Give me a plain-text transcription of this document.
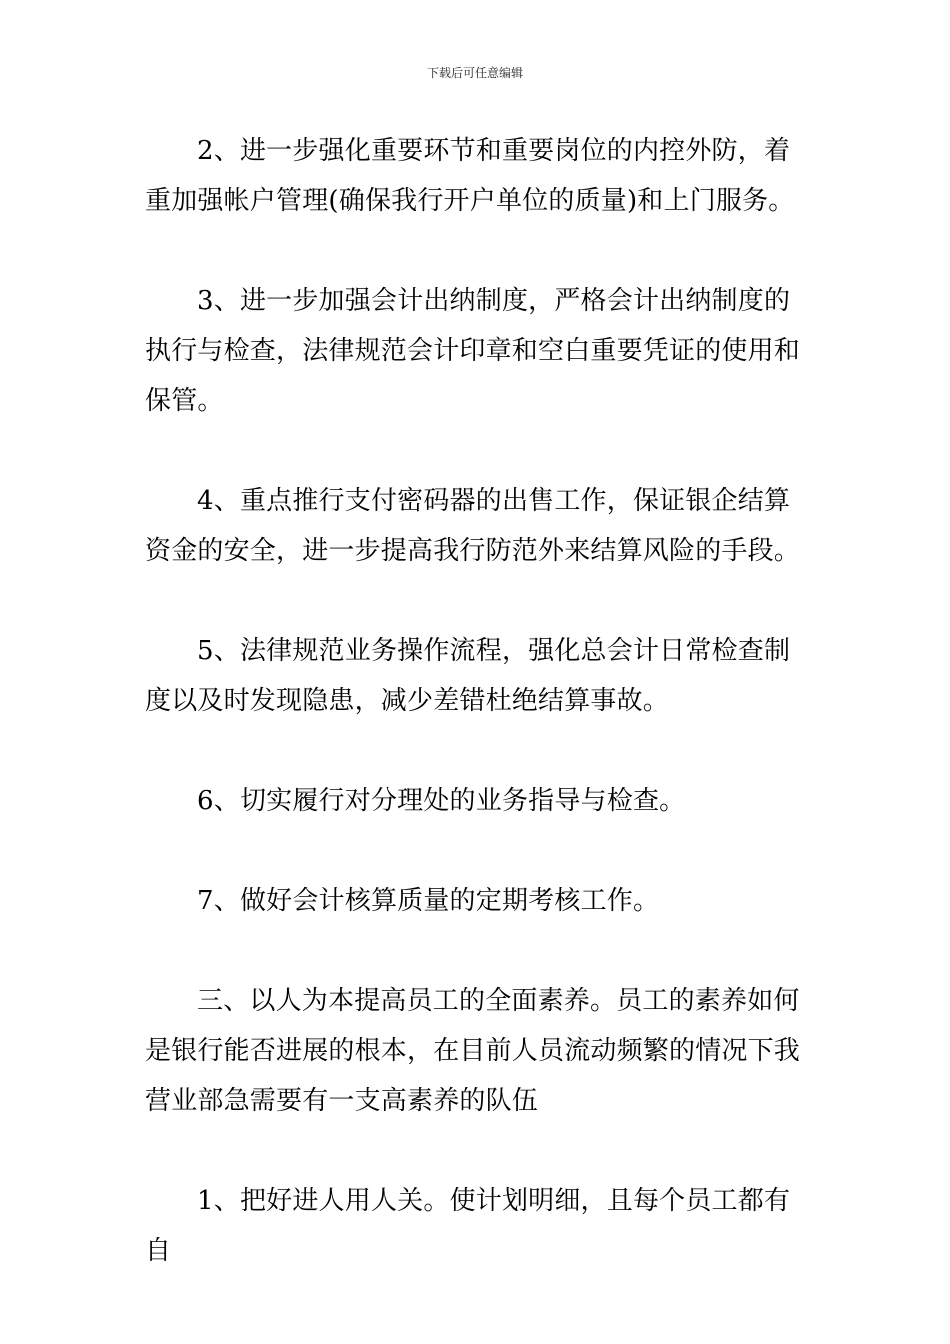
下载后可任意编辑

2、进一步强化重要环节和重要岗位的内控外防，着重加强帐户管理(确保我行开户单位的质量)和上门服务。

3、进一步加强会计出纳制度，严格会计出纳制度的执行与检查，法律规范会计印章和空白重要凭证的使用和保管。

4、重点推行支付密码器的出售工作，保证银企结算资金的安全，进一步提高我行防范外来结算风险的手段。

5、法律规范业务操作流程，强化总会计日常检查制度以及时发现隐患，减少差错杜绝结算事故。

6、切实履行对分理处的业务指导与检查。

7、做好会计核算质量的定期考核工作。

三、以人为本提高员工的全面素养。员工的素养如何是银行能否进展的根本，在目前人员流动频繁的情况下我营业部急需要有一支高素养的队伍

1、把好进人用人关。使计划明细，且每个员工都有自
